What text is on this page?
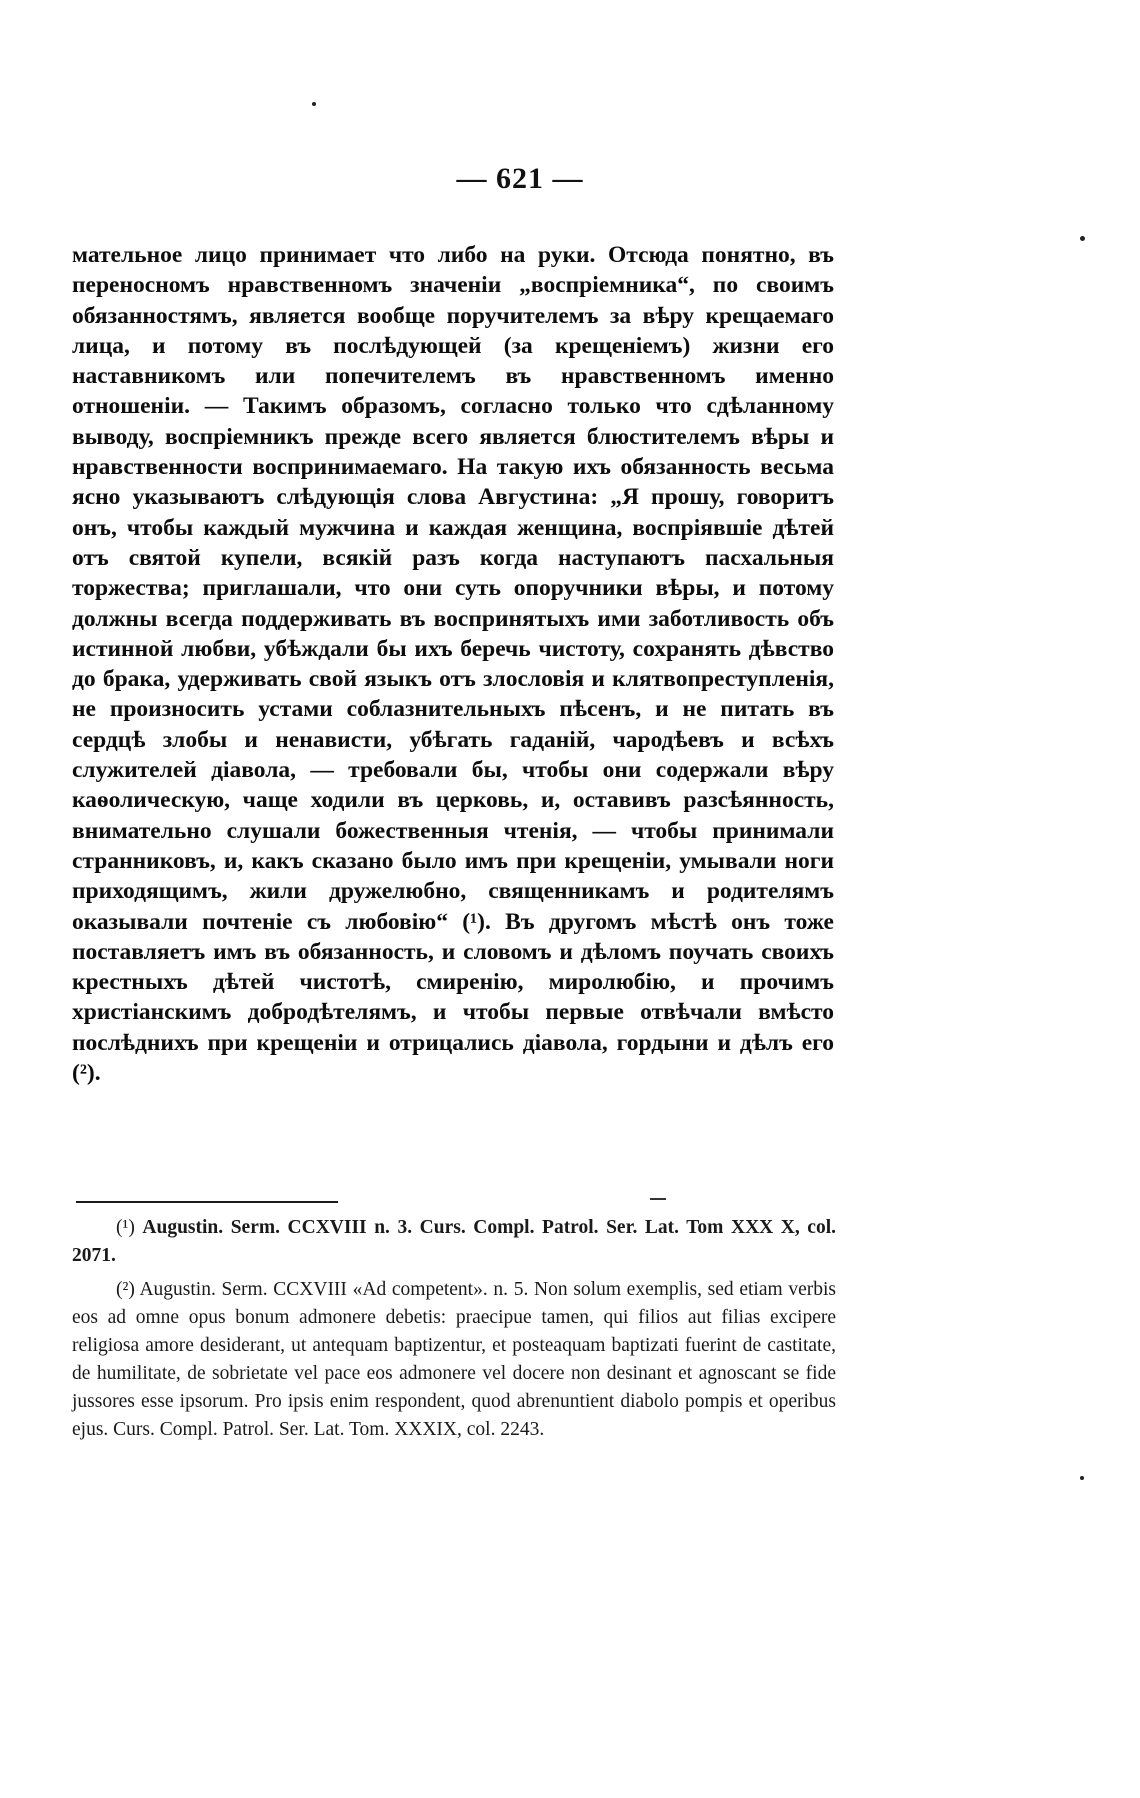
— 621 —

мательное лицо принимает что либо на руки. Отсюда понятно, въ переносномъ нравственномъ значеніи „воспріемника“, по своимъ обязанностямъ, является вообще поручителемъ за вѣру крещаемаго лица, и потому въ послѣдующей (за крещеніемъ) жизни его наставникомъ или попечителемъ въ нравственномъ именно отношеніи. — Такимъ образомъ, согласно только что сдѣланному выводу, воспріемникъ прежде всего является блюстителемъ вѣры и нравственности воспринимаемаго. На такую ихъ обязанность весьма ясно указываютъ слѣдующія слова Августина: „Я прошу, говоритъ онъ, чтобы каждый мужчина и каждая женщина, воспріявшіе дѣтей отъ святой купели, всякій разъ когда наступаютъ пасхальныя торжества; приглашали, что они суть опоручники вѣры, и потому должны всегда поддерживать въ воспринятыхъ ими заботливость объ истинной любви, убѣждали бы ихъ беречь чистоту, сохранять дѣвство до брака, удерживать свой языкъ отъ злословія и клятвопреступленія, не произносить устами соблазнительныхъ пѣсенъ, и не питать въ сердцѣ злобы и ненависти, убѣгать гаданій, чародѣевъ и всѣхъ служителей діавола, — требовали бы, чтобы они содержали вѣру каѳолическую, чаще ходили въ церковь, и, оставивъ разсѣянность, внимательно слушали божественныя чтенія, — чтобы принимали странниковъ, и, какъ сказано было имъ при крещеніи, умывали ноги приходящимъ, жили дружелюбно, священникамъ и родителямъ оказывали почтеніе съ любовію“ (¹). Въ другомъ мѣстѣ онъ тоже поставляетъ имъ въ обязанность, и словомъ и дѣломъ поучать своихъ крестныхъ дѣтей чистотѣ, смиренію, миролюбію, и прочимъ христіанскимъ добродѣтелямъ, и чтобы первые отвѣчали вмѣсто послѣднихъ при крещеніи и отрицались діавола, гордыни и дѣлъ его (²).

(¹) Augustin. Serm. CCXVIII n. 3. Curs. Compl. Patrol. Ser. Lat. Tom XXX X, col. 2071.

(²) Augustin. Serm. CCXVIII «Ad competent». n. 5. Non solum exemplis, sed etiam verbis eos ad omne opus bonum admonere debetis: praecipue tamen, qui filios aut filias excipere religiosa amore desiderant, ut antequam baptizentur, et posteaquam baptizati fuerint de castitate, de humilitate, de sobrietate vel pace eos admonere vel docere non desinant et agnoscant se fide jussores esse ipsorum. Pro ipsis enim respondent, quod abrenuntient diabolo pompis et operibus ejus. Curs. Compl. Patrol. Ser. Lat. Tom. XXXIX, col. 2243.
